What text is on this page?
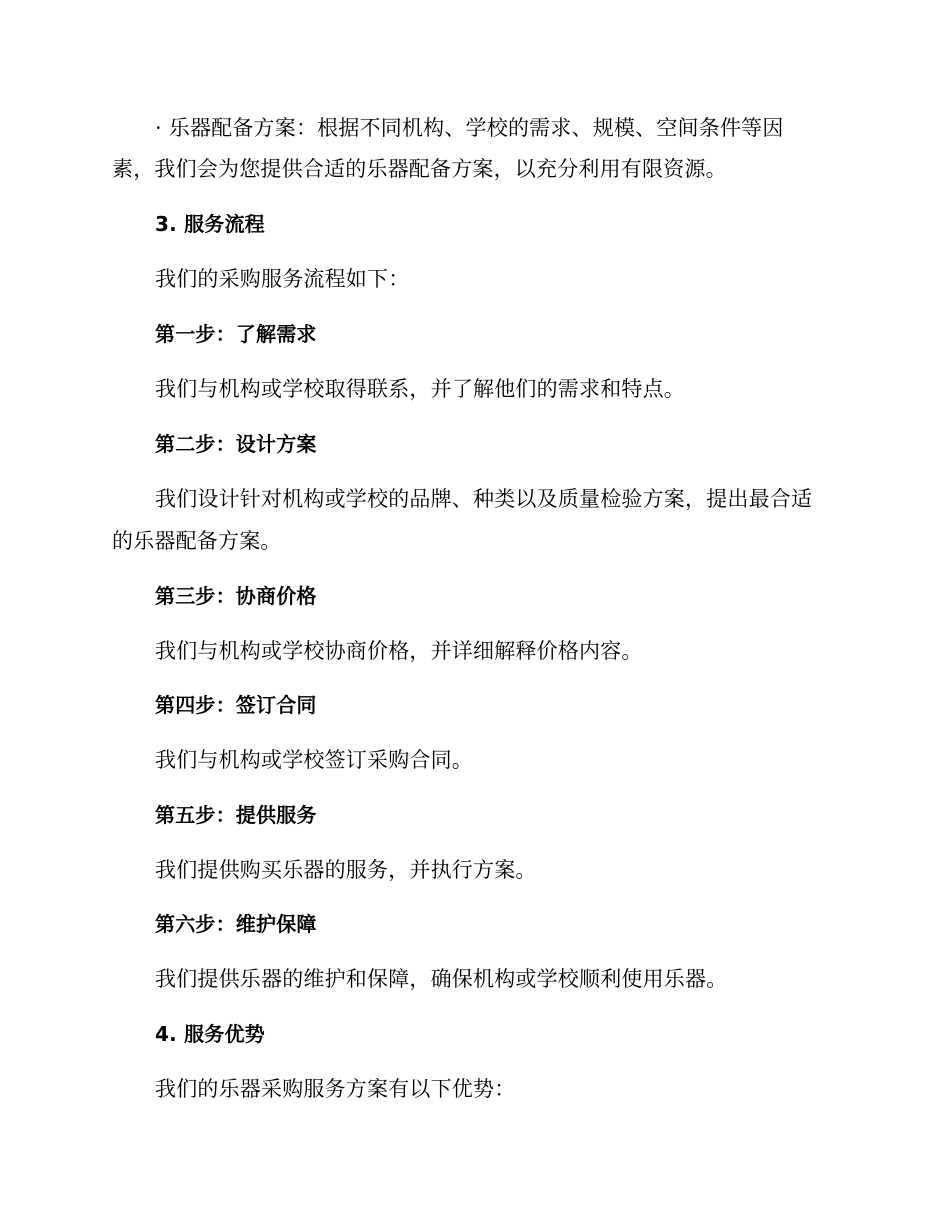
· 乐器配备方案：根据不同机构、学校的需求、规模、空间条件等因
素，我们会为您提供合适的乐器配备方案，以充分利用有限资源。
3. 服务流程
我们的采购服务流程如下：
第一步：了解需求
我们与机构或学校取得联系，并了解他们的需求和特点。
第二步：设计方案
我们设计针对机构或学校的品牌、种类以及质量检验方案，提出最合适
的乐器配备方案。
第三步：协商价格
我们与机构或学校协商价格，并详细解释价格内容。
第四步：签订合同
我们与机构或学校签订采购合同。
第五步：提供服务
我们提供购买乐器的服务，并执行方案。
第六步：维护保障
我们提供乐器的维护和保障，确保机构或学校顺利使用乐器。
4. 服务优势
我们的乐器采购服务方案有以下优势：
